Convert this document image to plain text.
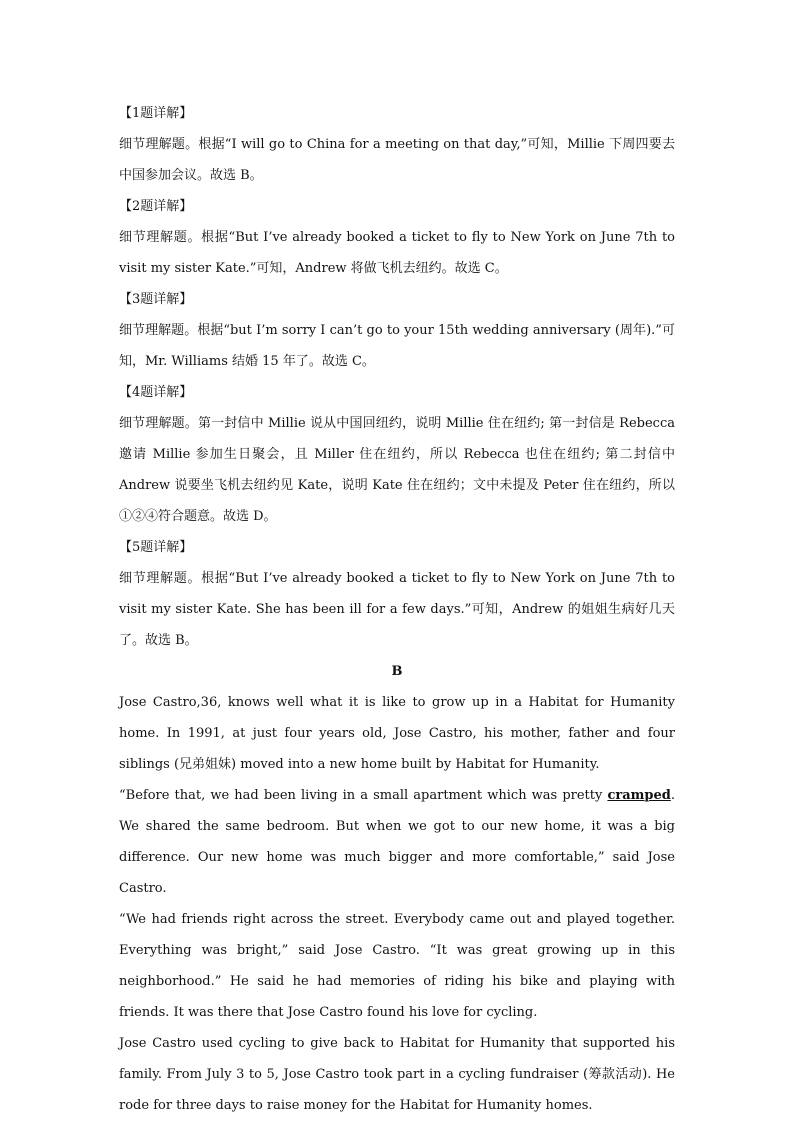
【1题详解】

细节理解题。根据“I will go to China for a meeting on that day,”可知，Millie 下周四要去中国参加会议。故选 B。

【2题详解】

细节理解题。根据“But I’ve already booked a ticket to fly to New York on June 7th to visit my sister Kate.”可知，Andrew 将做飞机去纽约。故选 C。

【3题详解】

细节理解题。根据“but I’m sorry I can’t go to your 15th wedding anniversary (周年).”可知，Mr. Williams 结婚 15 年了。故选 C。

【4题详解】

细节理解题。第一封信中 Millie 说从中国回纽约，说明 Millie 住在纽约; 第一封信是 Rebecca 邀请 Millie 参加生日聚会，且 Miller 住在纽约，所以 Rebecca 也住在纽约; 第二封信中 Andrew 说要坐飞机去纽约见 Kate，说明 Kate 住在纽约；文中未提及 Peter 住在纽约，所以①②④符合题意。故选 D。

【5题详解】

细节理解题。根据“But I’ve already booked a ticket to fly to New York on June 7th to visit my sister Kate. She has been ill for a few days.”可知，Andrew 的姐姐生病好几天了。故选 B。

B

Jose Castro,36, knows well what it is like to grow up in a Habitat for Humanity home. In 1991, at just four years old, Jose Castro, his mother, father and four siblings (兄弟姐妹) moved into a new home built by Habitat for Humanity.

“Before that, we had been living in a small apartment which was pretty cramped. We shared the same bedroom. But when we got to our new home, it was a big difference. Our new home was much bigger and more comfortable,” said Jose Castro.

“We had friends right across the street. Everybody came out and played together. Everything was bright,” said Jose Castro. “It was great growing up in this neighborhood.” He said he had memories of riding his bike and playing with friends. It was there that Jose Castro found his love for cycling.

Jose Castro used cycling to give back to Habitat for Humanity that supported his family. From July 3 to 5, Jose Castro took part in a cycling fundraiser (筹款活动). He rode for three days to raise money for the Habitat for Humanity homes.
